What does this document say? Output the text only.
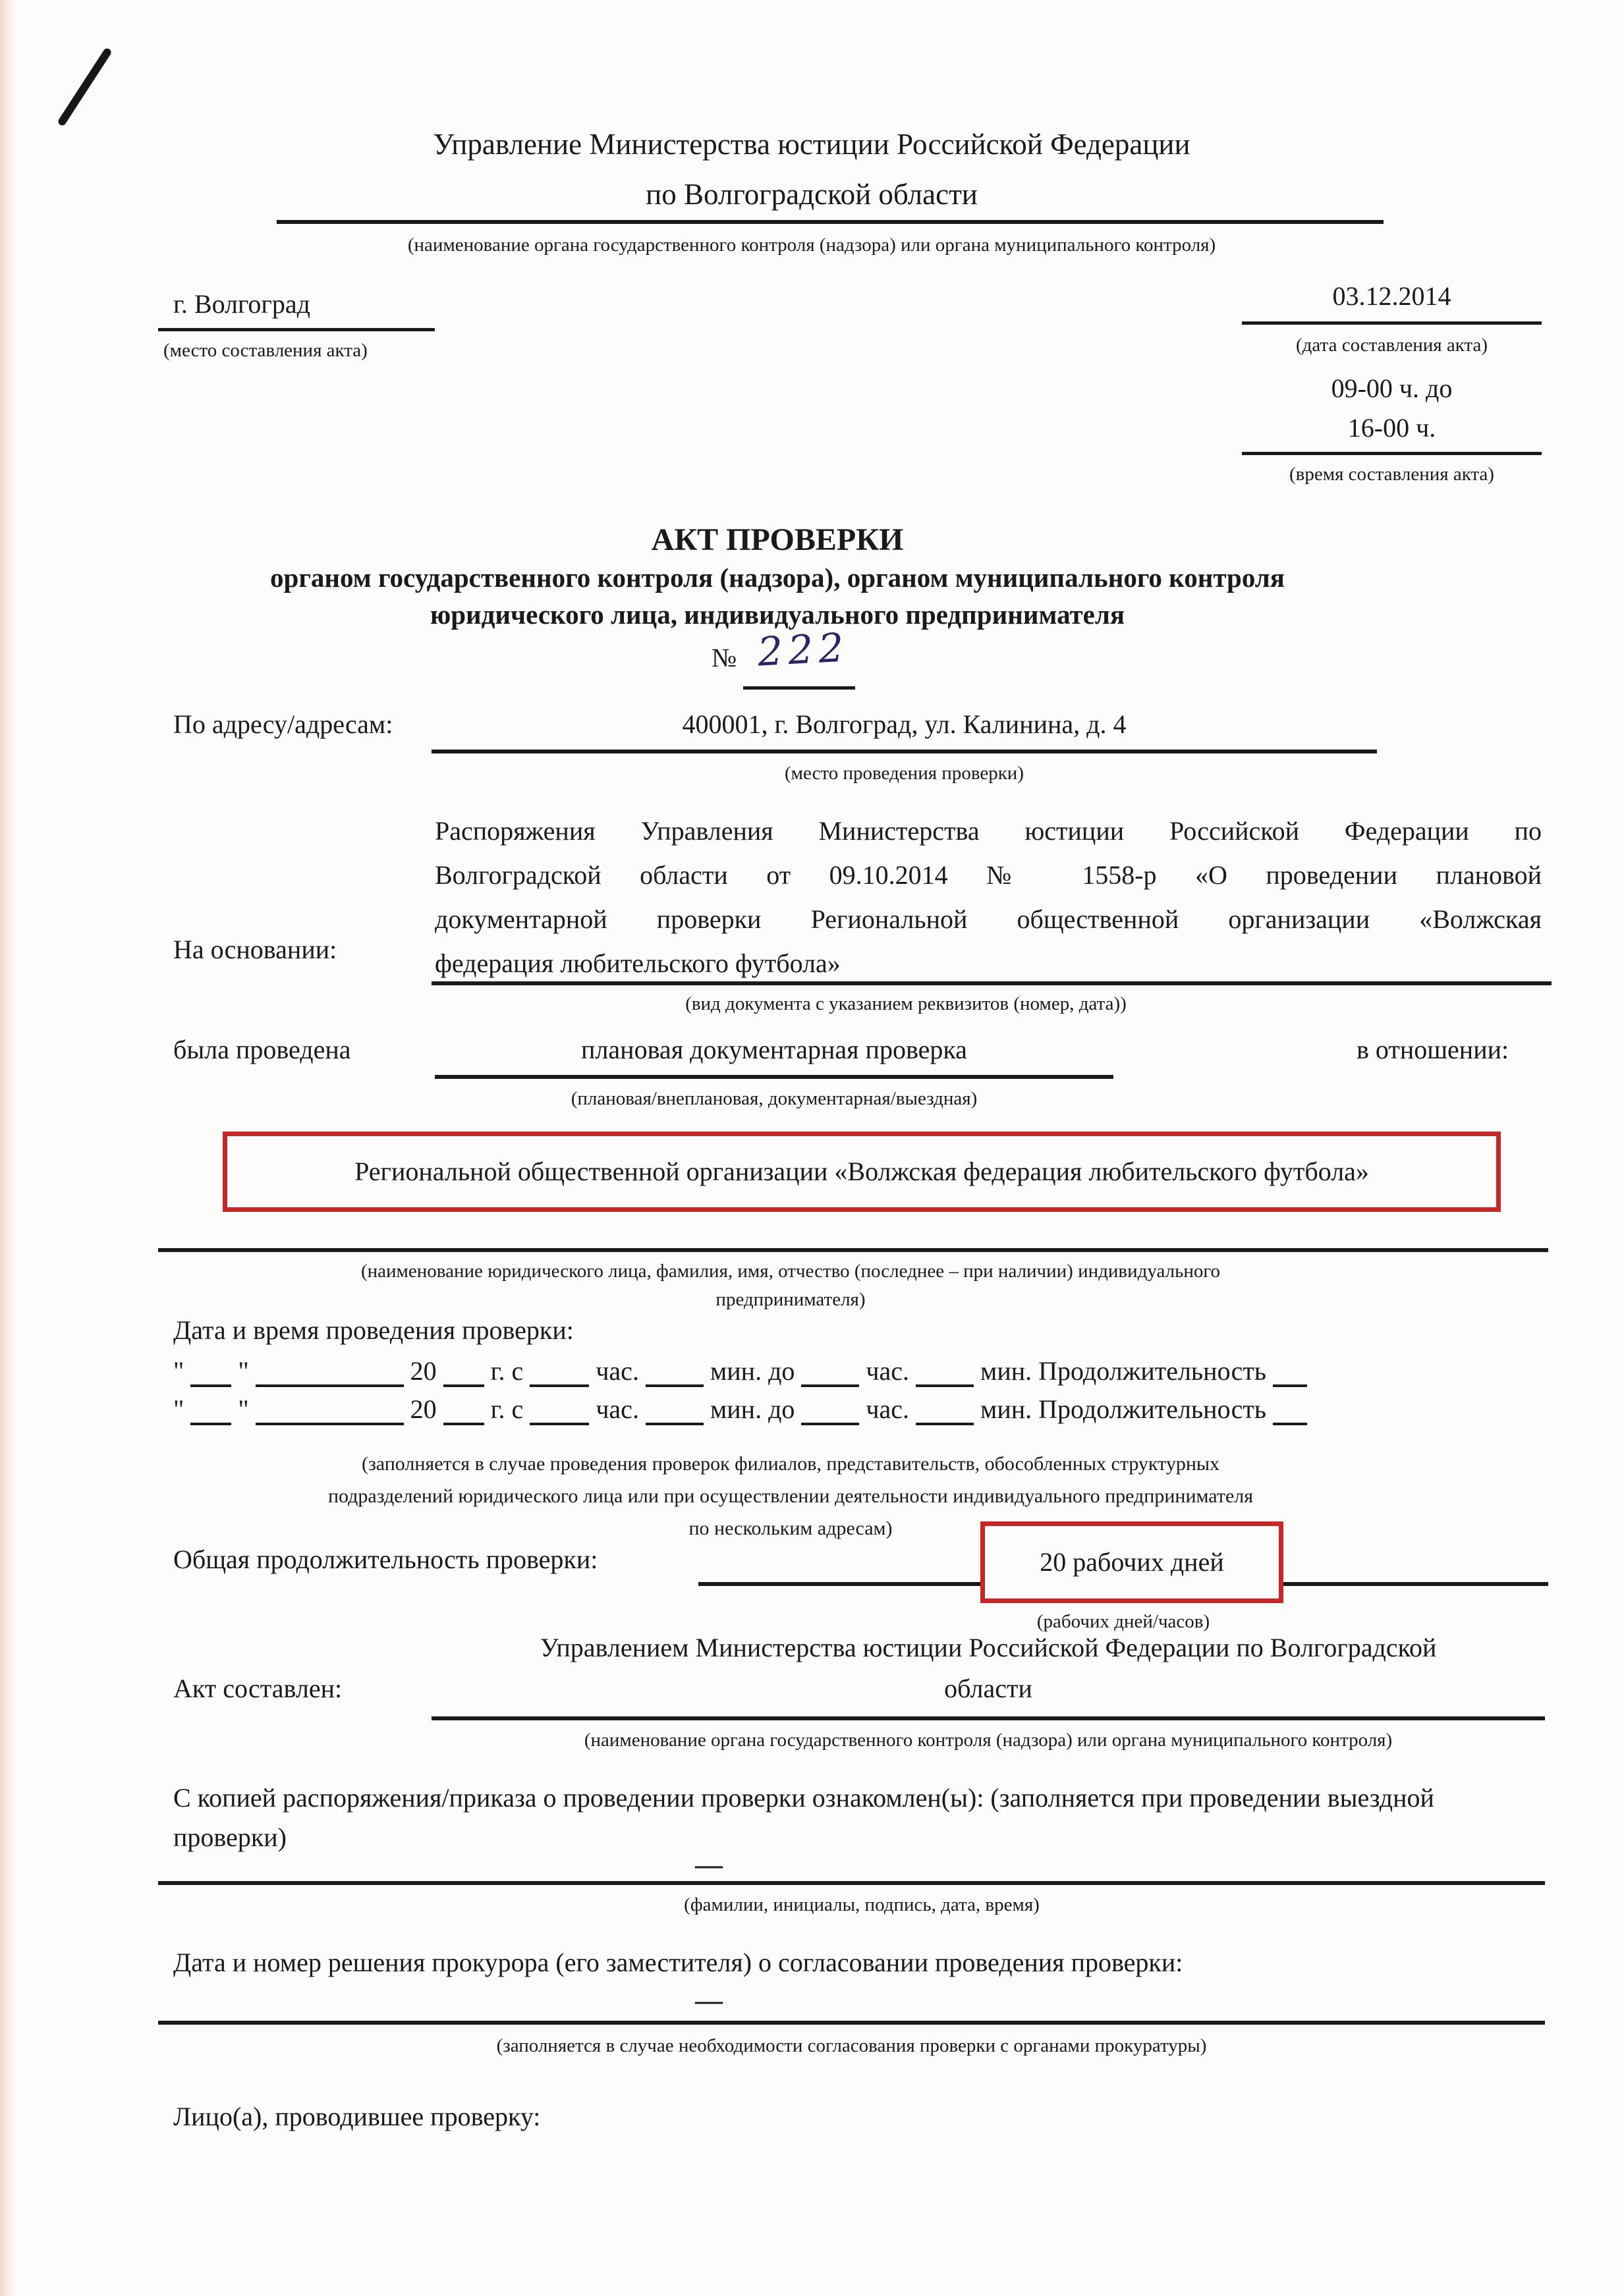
Управление Министерства юстиции Российской Федерации
по Волгоградской области
(наименование органа государственного контроля (надзора) или органа муниципального контроля)
г. Волгоград
(место составления акта)
03.12.2014
(дата составления акта)
09-00 ч. до
16-00 ч.
(время составления акта)
АКТ ПРОВЕРКИ
органом государственного контроля (надзора), органом муниципального контроля
юридического лица, индивидуального предпринимателя
№ 222
По адресу/адресам:	400001, г. Волгоград, ул. Калинина, д. 4
(место проведения проверки)
На основании:
Распоряжения Управления Министерства юстиции Российской Федерации по
Волгоградской области от 09.10.2014 № 1558-р «О проведении плановой
документарной проверки Региональной общественной организации «Волжская
федерация любительского футбола»
(вид документа с указанием реквизитов (номер, дата))
была проведена	плановая документарная проверка	в отношении:
(плановая/внеплановая, документарная/выездная)
Региональной общественной организации «Волжская федерация любительского футбола»
(наименование юридического лица, фамилия, имя, отчество (последнее – при наличии) индивидуального
предпринимателя)
Дата и время проведения проверки:
" "	20 г. с	час.	мин. до	час.	мин. Продолжительность
" "	20 г. с	час.	мин. до	час.	мин. Продолжительность
(заполняется в случае проведения проверок филиалов, представительств, обособленных структурных
подразделений юридического лица или при осуществлении деятельности индивидуального предпринимателя
по нескольким адресам)
Общая продолжительность проверки:	20 рабочих дней
(рабочих дней/часов)
Акт составлен:
Управлением Министерства юстиции Российской Федерации по Волгоградской
области
(наименование органа государственного контроля (надзора) или органа муниципального контроля)
С копией распоряжения/приказа о проведении проверки ознакомлен(ы): (заполняется при проведении выездной проверки)
—
(фамилии, инициалы, подпись, дата, время)
Дата и номер решения прокурора (его заместителя) о согласовании проведения проверки:
—
(заполняется в случае необходимости согласования проверки с органами прокуратуры)
Лицо(а), проводившее проверку:
